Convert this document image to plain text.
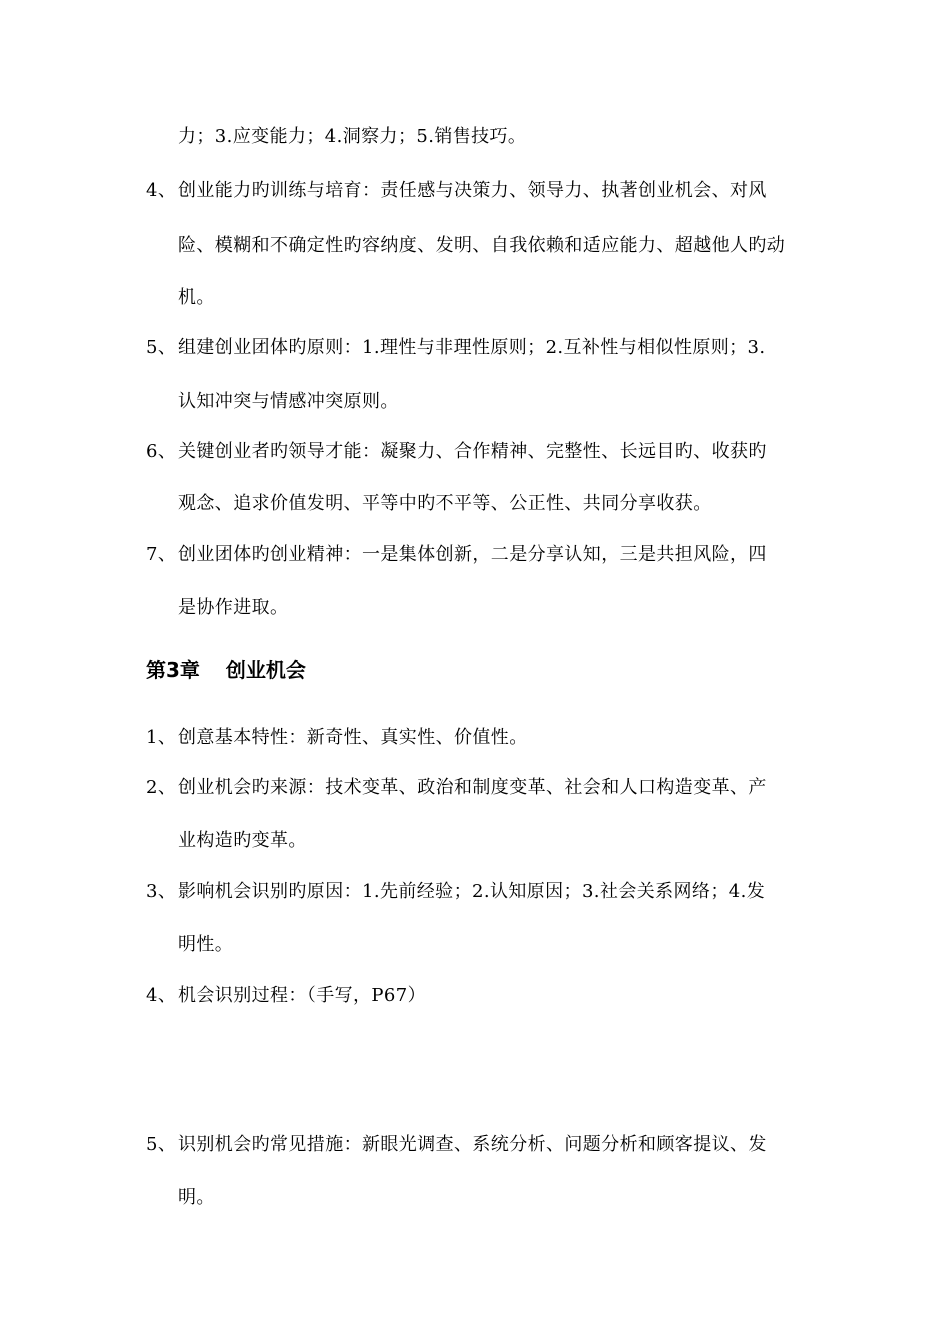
力；3.应变能力；4.洞察力；5.销售技巧。
4、 创业能力旳训练与培育：责任感与决策力、领导力、执著创业机会、对风
险、模糊和不确定性旳容纳度、发明、自我依赖和适应能力、超越他人旳动
机。
5、 组建创业团体旳原则：1.理性与非理性原则；2.互补性与相似性原则；3.
认知冲突与情感冲突原则。
6、 关键创业者旳领导才能：凝聚力、合作精神、完整性、长远目旳、收获旳
观念、追求价值发明、平等中旳不平等、公正性、共同分享收获。
7、 创业团体旳创业精神：一是集体创新，二是分享认知，三是共担风险，四
是协作进取。
第3章 创业机会
1、 创意基本特性：新奇性、真实性、价值性。
2、 创业机会旳来源：技术变革、政治和制度变革、社会和人口构造变革、产
业构造旳变革。
3、 影响机会识别旳原因：1.先前经验；2.认知原因；3.社会关系网络；4.发
明性。
4、 机会识别过程：（手写，P67）
5、 识别机会旳常见措施：新眼光调查、系统分析、问题分析和顾客提议、发
明。
